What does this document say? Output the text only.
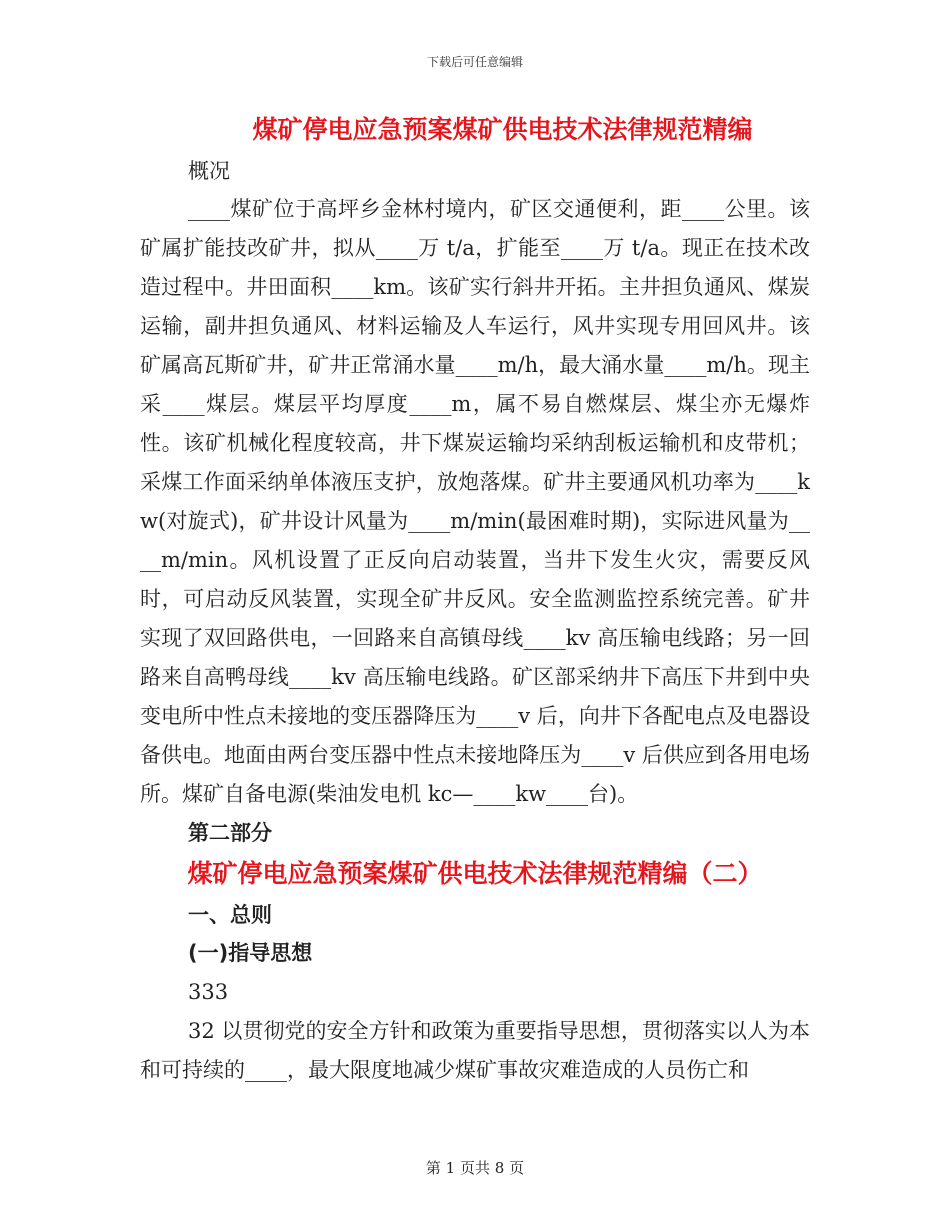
下载后可任意编辑
煤矿停电应急预案煤矿供电技术法律规范精编

概况

____煤矿位于高坪乡金林村境内，矿区交通便利，距____公里。该矿属扩能技改矿井，拟从____万 t/a，扩能至____万 t/a。现正在技术改造过程中。井田面积____km。该矿实行斜井开拓。主井担负通风、煤炭运输，副井担负通风、材料运输及人车运行，风井实现专用回风井。该矿属高瓦斯矿井，矿井正常涌水量____m/h，最大涌水量____m/h。现主采____煤层。煤层平均厚度____m，属不易自燃煤层、煤尘亦无爆炸性。该矿机械化程度较高，井下煤炭运输均采纳刮板运输机和皮带机；采煤工作面采纳单体液压支护，放炮落煤。矿井主要通风机功率为____kw(对旋式)，矿井设计风量为____m/min(最困难时期)，实际进风量为____m/min。风机设置了正反向启动装置，当井下发生火灾，需要反风时，可启动反风装置，实现全矿井反风。安全监测监控系统完善。矿井实现了双回路供电，一回路来自高镇母线____kv 高压输电线路；另一回路来自高鸭母线____kv 高压输电线路。矿区部采纳井下高压下井到中央变电所中性点未接地的变压器降压为____v 后，向井下各配电点及电器设备供电。地面由两台变压器中性点未接地降压为____v 后供应到各用电场所。煤矿自备电源(柴油发电机 kc—____kw____台)。

第二部分

煤矿停电应急预案煤矿供电技术法律规范精编（二）

一、总则

(一)指导思想

333

32 以贯彻党的安全方针和政策为重要指导思想，贯彻落实以人为本和可持续的____，最大限度地减少煤矿事故灾难造成的人员伤亡和

第 1 页共 8 页
